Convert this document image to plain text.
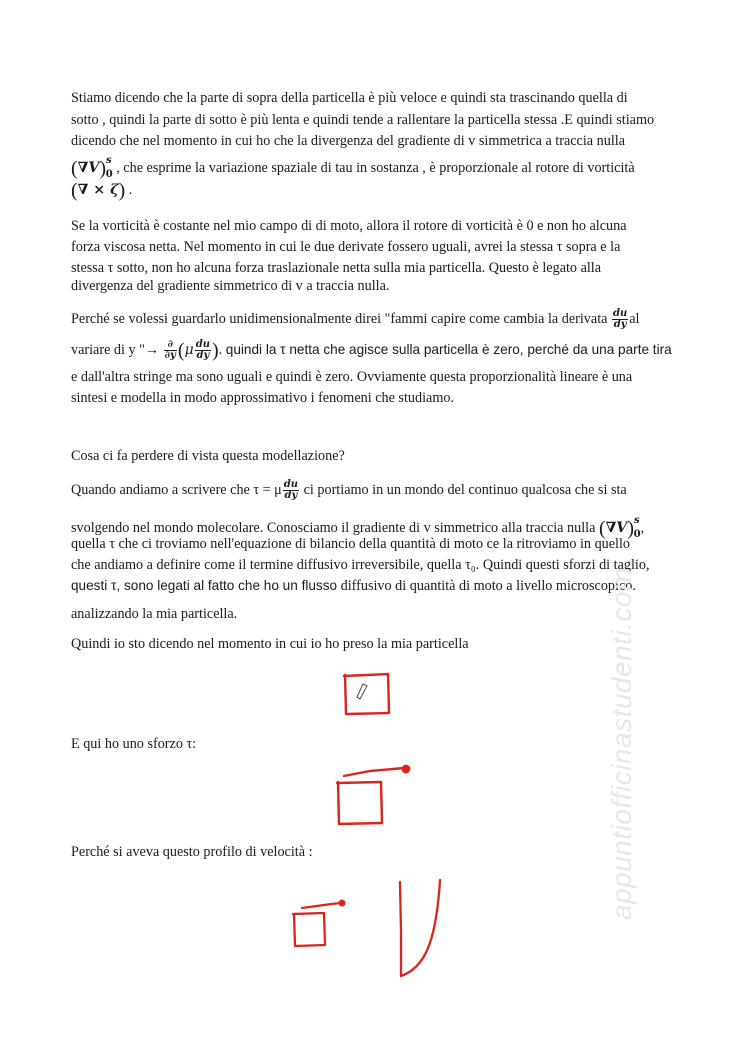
Stiamo dicendo che la parte di sopra della particella è più veloce e quindi sta trascinando quella di

sotto , quindi la parte di sotto è più lenta e quindi tende a rallentare la particella stessa .E quindi stiamo

dicendo che nel momento in cui ho che la divergenza del gradiente di v simmetrica a traccia nulla

$(\nabla V)^s_0$ , che esprime la variazione spaziale di tau in sostanza , è proporzionale al rotore di vorticità
(∇ × ζ) .

Se la vorticità è costante nel mio campo di di moto, allora il rotore di vorticità è 0 e non ho alcuna

forza viscosa netta. Nel momento in cui le due derivate fossero uguali, avrei la stessa τ sopra e la

stessa τ sotto, non ho alcuna forza traslazionale netta sulla mia particella. Questo è legato alla

divergenza del gradiente simmetrico di v a traccia nulla.

Perché se volessi guardarlo unidimensionalmente direi "fammi capire come cambia la derivata $\frac{du}{dy}$ al
variare di y "→ $\frac{\partial}{\partial y} (\mu \frac{du}{dy}$ ). quindi la τ netta che agisce sulla particella è zero, perché da una parte tira

e dall'altra stringe ma sono uguali e quindi è zero. Ovviamente questa proporzionalità lineare è una

sintesi e modella in modo approssimativo i fenomeni che studiamo.

Cosa ci fa perdere di vista questa modellazione?

Quando andiamo a scrivere che τ = μ $\frac{du}{dy}$ ci portiamo in un mondo del continuo qualcosa che si sta
svolgendo nel mondo molecolare. Conosciamo il gradiente di v simmetrico alla traccia nulla $(\nabla V)^s_0$,

quella τ che ci troviamo nell'equazione di bilancio della quantità di moto ce la ritroviamo in quello

che andiamo a definire come il termine diffusivo irreversibile, quella τ₀. Quindi questi sforzi di taglio,

questi τ, sono legati al fatto che ho un flusso diffusivo di quantità di moto a livello microscopico.

analizzando la mia particella.

Quindi io sto dicendo nel momento in cui io ho preso la mia particella

E qui ho uno sforzo τ:

Perché si aveva questo profilo di velocità :	appuntiofficinastudenti.com
